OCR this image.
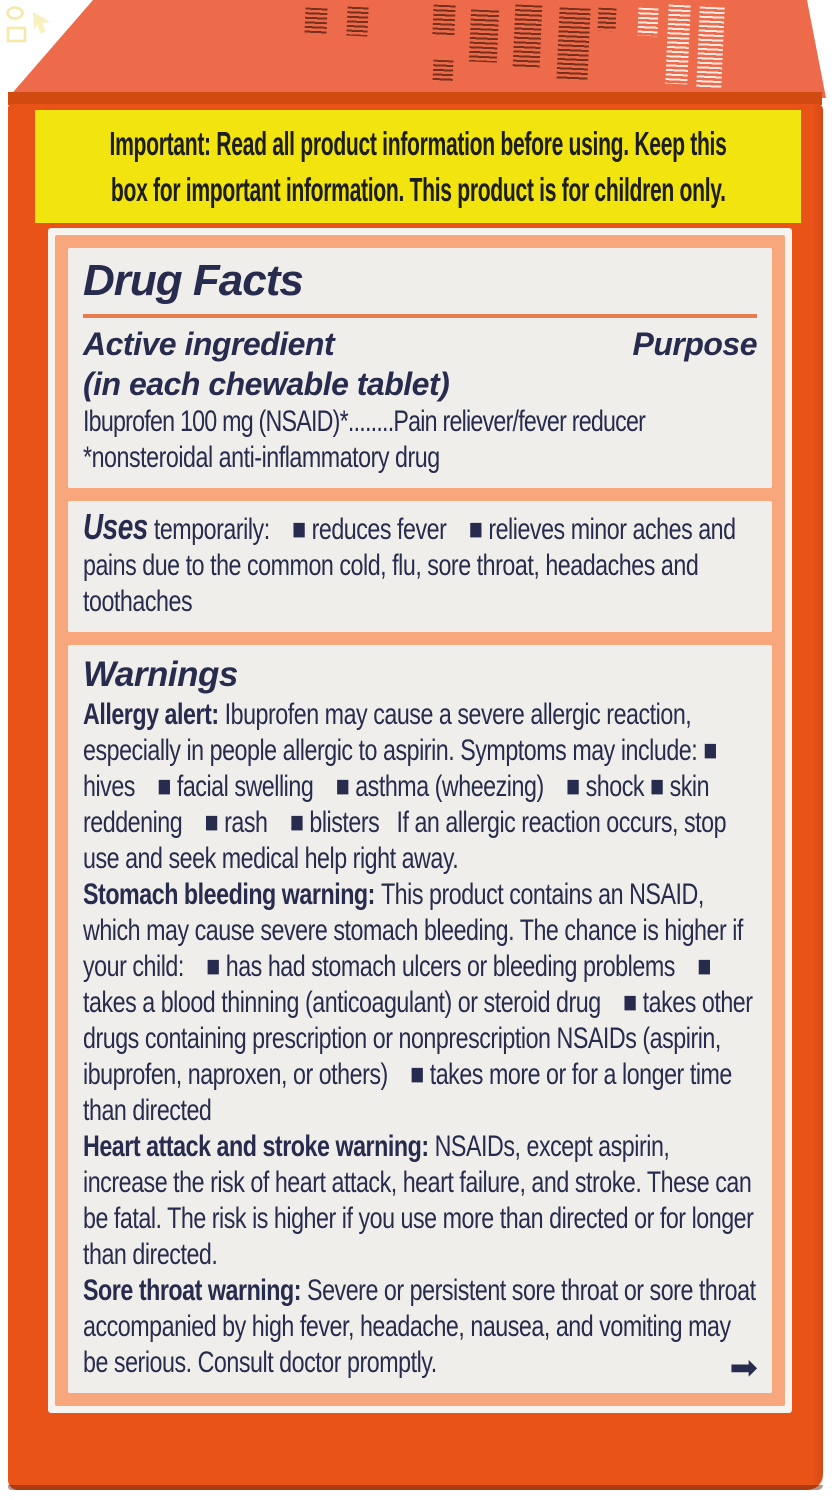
Important: Read all product information before using. Keep this
box for important information. This product is for children only.
Drug Facts
Active ingredient	Purpose
(in each chewable tablet)
Ibuprofen 100 mg (NSAID)*........Pain reliever/fever reducer
*nonsteroidal anti-inflammatory drug
Uses temporarily:  ■ reduces fever  ■ relieves minor aches and pains due to the common cold, flu, sore throat, headaches and toothaches
Warnings
Allergy alert: Ibuprofen may cause a severe allergic reaction, especially in people allergic to aspirin. Symptoms may include: ■ hives  ■ facial swelling  ■ asthma (wheezing)  ■ shock ■ skin reddening  ■ rash  ■ blisters  If an allergic reaction occurs, stop use and seek medical help right away.
Stomach bleeding warning: This product contains an NSAID, which may cause severe stomach bleeding. The chance is higher if your child:  ■ has had stomach ulcers or bleeding problems  ■ takes a blood thinning (anticoagulant) or steroid drug  ■ takes other drugs containing prescription or nonprescription NSAIDs (aspirin, ibuprofen, naproxen, or others)  ■ takes more or for a longer time than directed
Heart attack and stroke warning: NSAIDs, except aspirin, increase the risk of heart attack, heart failure, and stroke. These can be fatal. The risk is higher if you use more than directed or for longer than directed.
Sore throat warning: Severe or persistent sore throat or sore throat accompanied by high fever, headache, nausea, and vomiting may be serious. Consult doctor promptly.	➡
